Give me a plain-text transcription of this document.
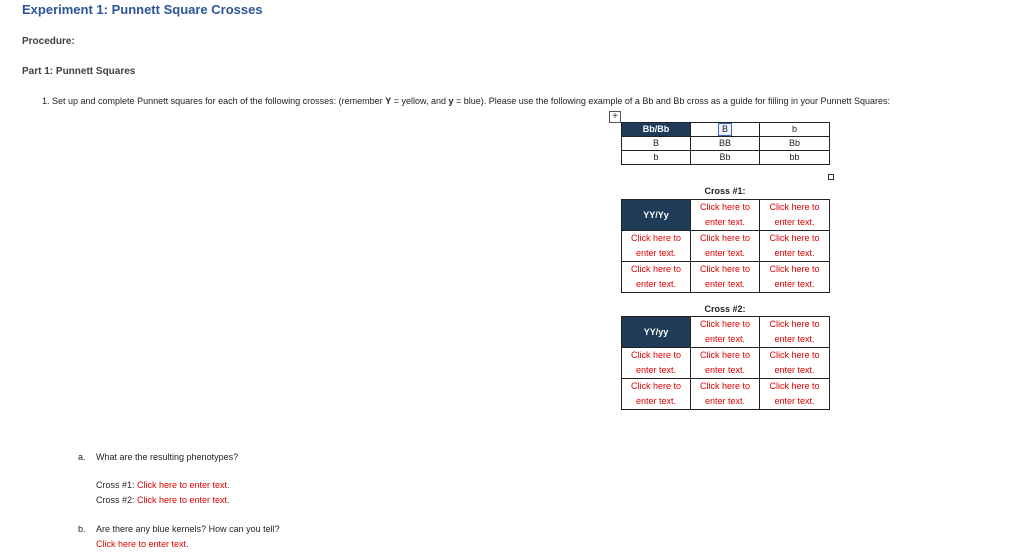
Experiment 1: Punnett Square Crosses
Procedure:
Part 1: Punnett Squares
1. Set up and complete Punnett squares for each of the following crosses: (remember Y = yellow, and y = blue). Please use the following example of a Bb and Bb cross as a guide for filling in your Punnett Squares:
+
Bb/Bb	B	b
B	BB	Bb
b	Bb	bb
Cross #1:
YY/Yy	Click here to enter text.	Click here to enter text.

Click here to enter text.	Click here to enter text.	Click here to enter text.

Click here to enter text.	Click here to enter text.	Click here to enter text.
Cross #2:
YY/yy	Click here to enter text.	Click here to enter text.

Click here to enter text.	Click here to enter text.	Click here to enter text.

Click here to enter text.	Click here to enter text.	Click here to enter text.
a. What are the resulting phenotypes?
Cross #1: Click here to enter text.
Cross #2: Click here to enter text.
b. Are there any blue kernels? How can you tell?
Click here to enter text.
